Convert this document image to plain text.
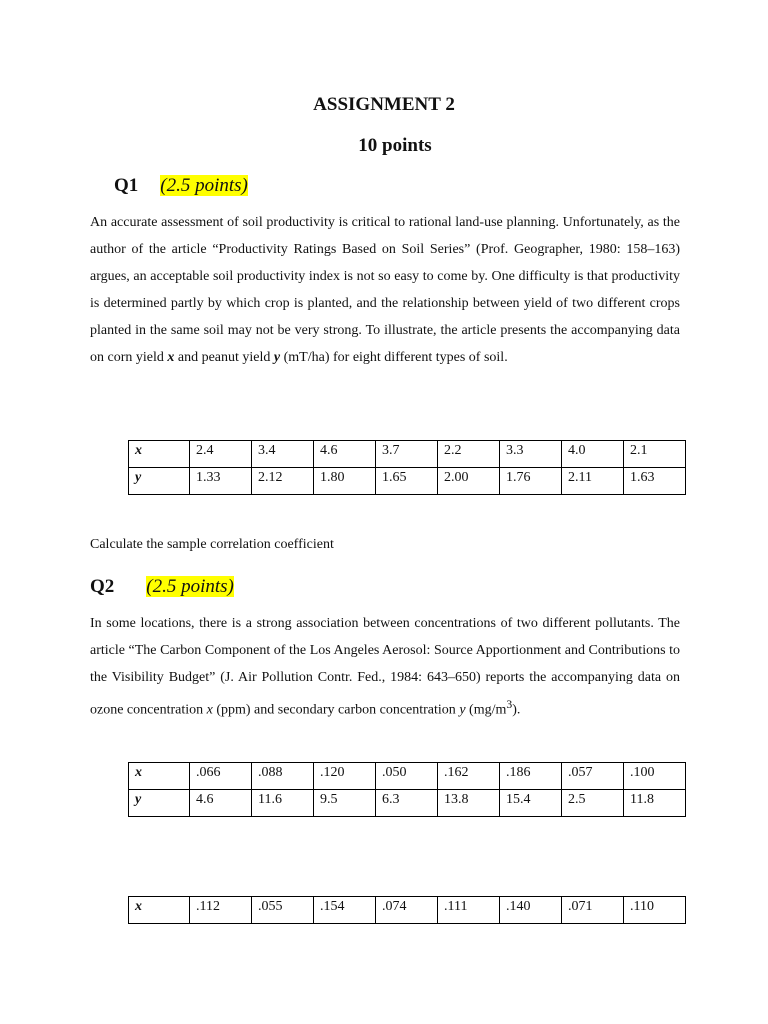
ASSIGNMENT 2
10 points
Q1 (2.5 points)
An accurate assessment of soil productivity is critical to rational land-use planning. Unfortunately, as the author of the article “Productivity Ratings Based on Soil Series” (Prof. Geographer, 1980: 158–163) argues, an acceptable soil productivity index is not so easy to come by. One difficulty is that productivity is determined partly by which crop is planted, and the relationship between yield of two different crops planted in the same soil may not be very strong. To illustrate, the article presents the accompanying data on corn yield x and peanut yield y (mT/ha) for eight different types of soil.
x	2.4	3.4	4.6	3.7	2.2	3.3	4.0	2.1
y	1.33	2.12	1.80	1.65	2.00	1.76	2.11	1.63
Calculate the sample correlation coefficient
Q2 (2.5 points)
In some locations, there is a strong association between concentrations of two different pollutants. The article “The Carbon Component of the Los Angeles Aerosol: Source Apportionment and Contributions to the Visibility Budget” (J. Air Pollution Contr. Fed., 1984: 643–650) reports the accompanying data on ozone concentration x (ppm) and secondary carbon concentration y $(mg/m^3)$.
x	.066	.088	.120	.050	.162	.186	.057	.100
y	4.6	11.6	9.5	6.3	13.8	15.4	2.5	11.8
x	.112	.055	.154	.074	.111	.140	.071	.110
